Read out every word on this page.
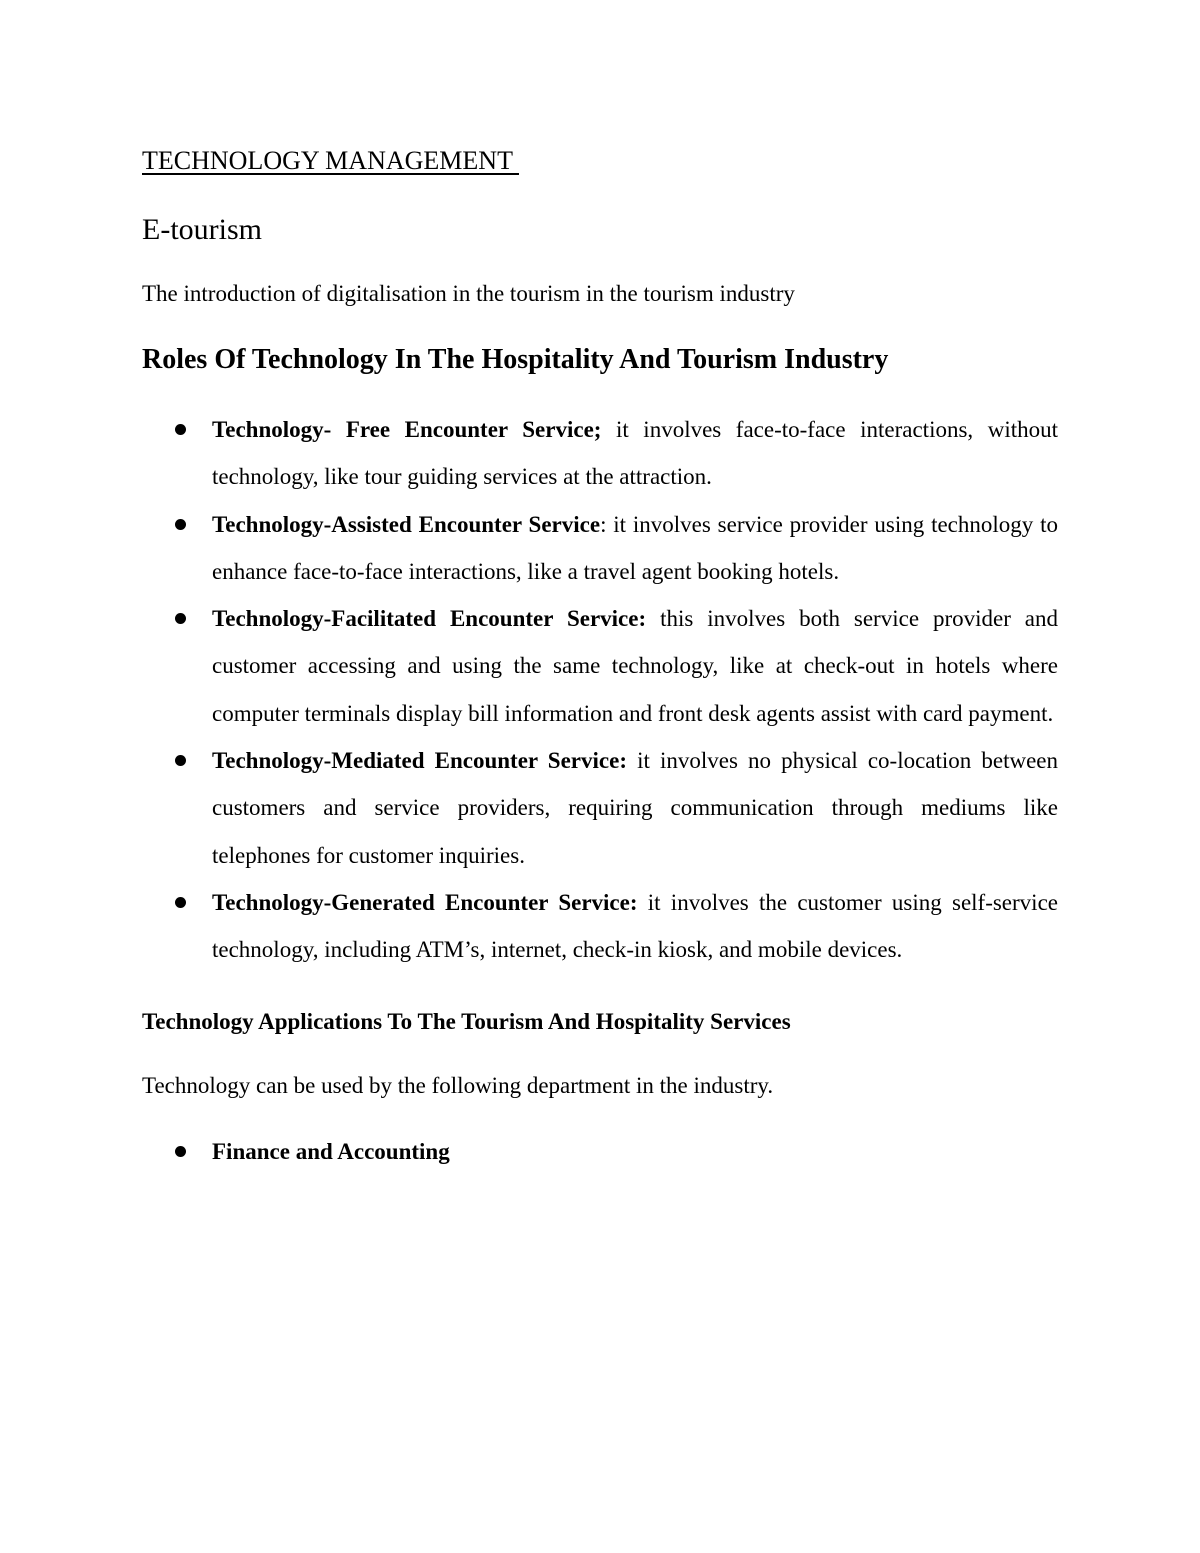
TECHNOLOGY MANAGEMENT
E-tourism

The introduction of digitalisation in the tourism in the tourism industry

Roles Of Technology In The Hospitality And Tourism Industry
Technology- Free Encounter Service; it involves face-to-face interactions, without technology, like tour guiding services at the attraction.
Technology-Assisted Encounter Service: it involves service provider using technology to enhance face-to-face interactions, like a travel agent booking hotels.
Technology-Facilitated Encounter Service: this involves both service provider and customer accessing and using the same technology, like at check-out in hotels where computer terminals display bill information and front desk agents assist with card payment.
Technology-Mediated Encounter Service: it involves no physical co-location between customers and service providers, requiring communication through mediums like telephones for customer inquiries.
Technology-Generated Encounter Service: it involves the customer using self-service technology, including ATM’s, internet, check-in kiosk, and mobile devices.
Technology Applications To The Tourism And Hospitality Services

Technology can be used by the following department in the industry.

Finance and Accounting
